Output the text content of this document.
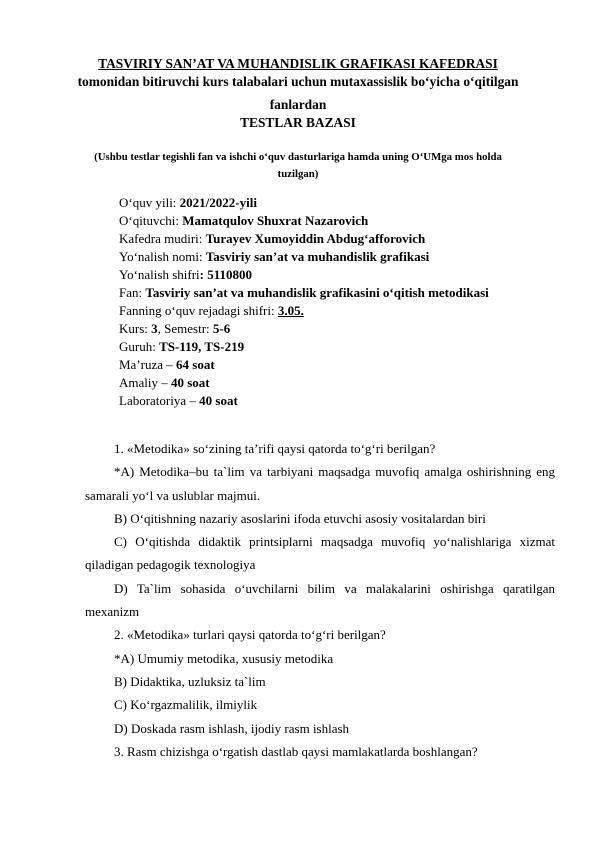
TASVIRIY SAN’AT VA MUHANDISLIK GRAFIKASI KAFEDRASI
tomonidan bitiruvchi kurs talabalari uchun mutaxassislik bo‘yicha o‘qitilgan
fanlardan
TESTLAR BAZASI
(Ushbu testlar tegishli fan va ishchi o‘quv dasturlariga hamda uning O‘UMga mos holda tuzilgan)
O‘quv yili: 2021/2022-yili
O‘qituvchi: Mamatqulov Shuxrat Nazarovich
Kafedra mudiri: Turayev Xumoyiddin Abdug‘afforovich
Yo‘nalish nomi: Tasviriy san’at va muhandislik grafikasi
Yo‘nalish shifri: 5110800
Fan: Tasviriy san’at va muhandislik grafikasini o‘qitish metodikasi
Fanning o‘quv rejadagi shifri: 3.05.
Kurs: 3, Semestr: 5-6
Guruh: TS-119, TS-219
Ma’ruza – 64 soat
Amaliy – 40 soat
Laboratoriya – 40 soat

1. «Metodika» so‘zining ta’rifi qaysi qatorda to‘g‘ri berilgan?

*A) Metodika–bu ta`lim va tarbiyani maqsadga muvofiq amalga oshirishning eng samarali yo‘l va uslublar majmui.

B) O‘qitishning nazariy asoslarini ifoda etuvchi asosiy vositalardan biri

C) O‘qitishda didaktik printsiplarni maqsadga muvofiq yo‘nalishlariga xizmat qiladigan pedagogik texnologiya

D) Ta`lim sohasida o‘uvchilarni bilim va malakalarini oshirishga qaratilgan mexanizm

2. «Metodika» turlari qaysi qatorda to‘g‘ri berilgan?

*A) Umumiy metodika, xususiy metodika

B) Didaktika, uzluksiz ta`lim

C) Ko‘rgazmalilik, ilmiylik

D) Doskada rasm ishlash, ijodiy rasm ishlash

3. Rasm chizishga o‘rgatish dastlab qaysi mamlakatlarda boshlangan?
